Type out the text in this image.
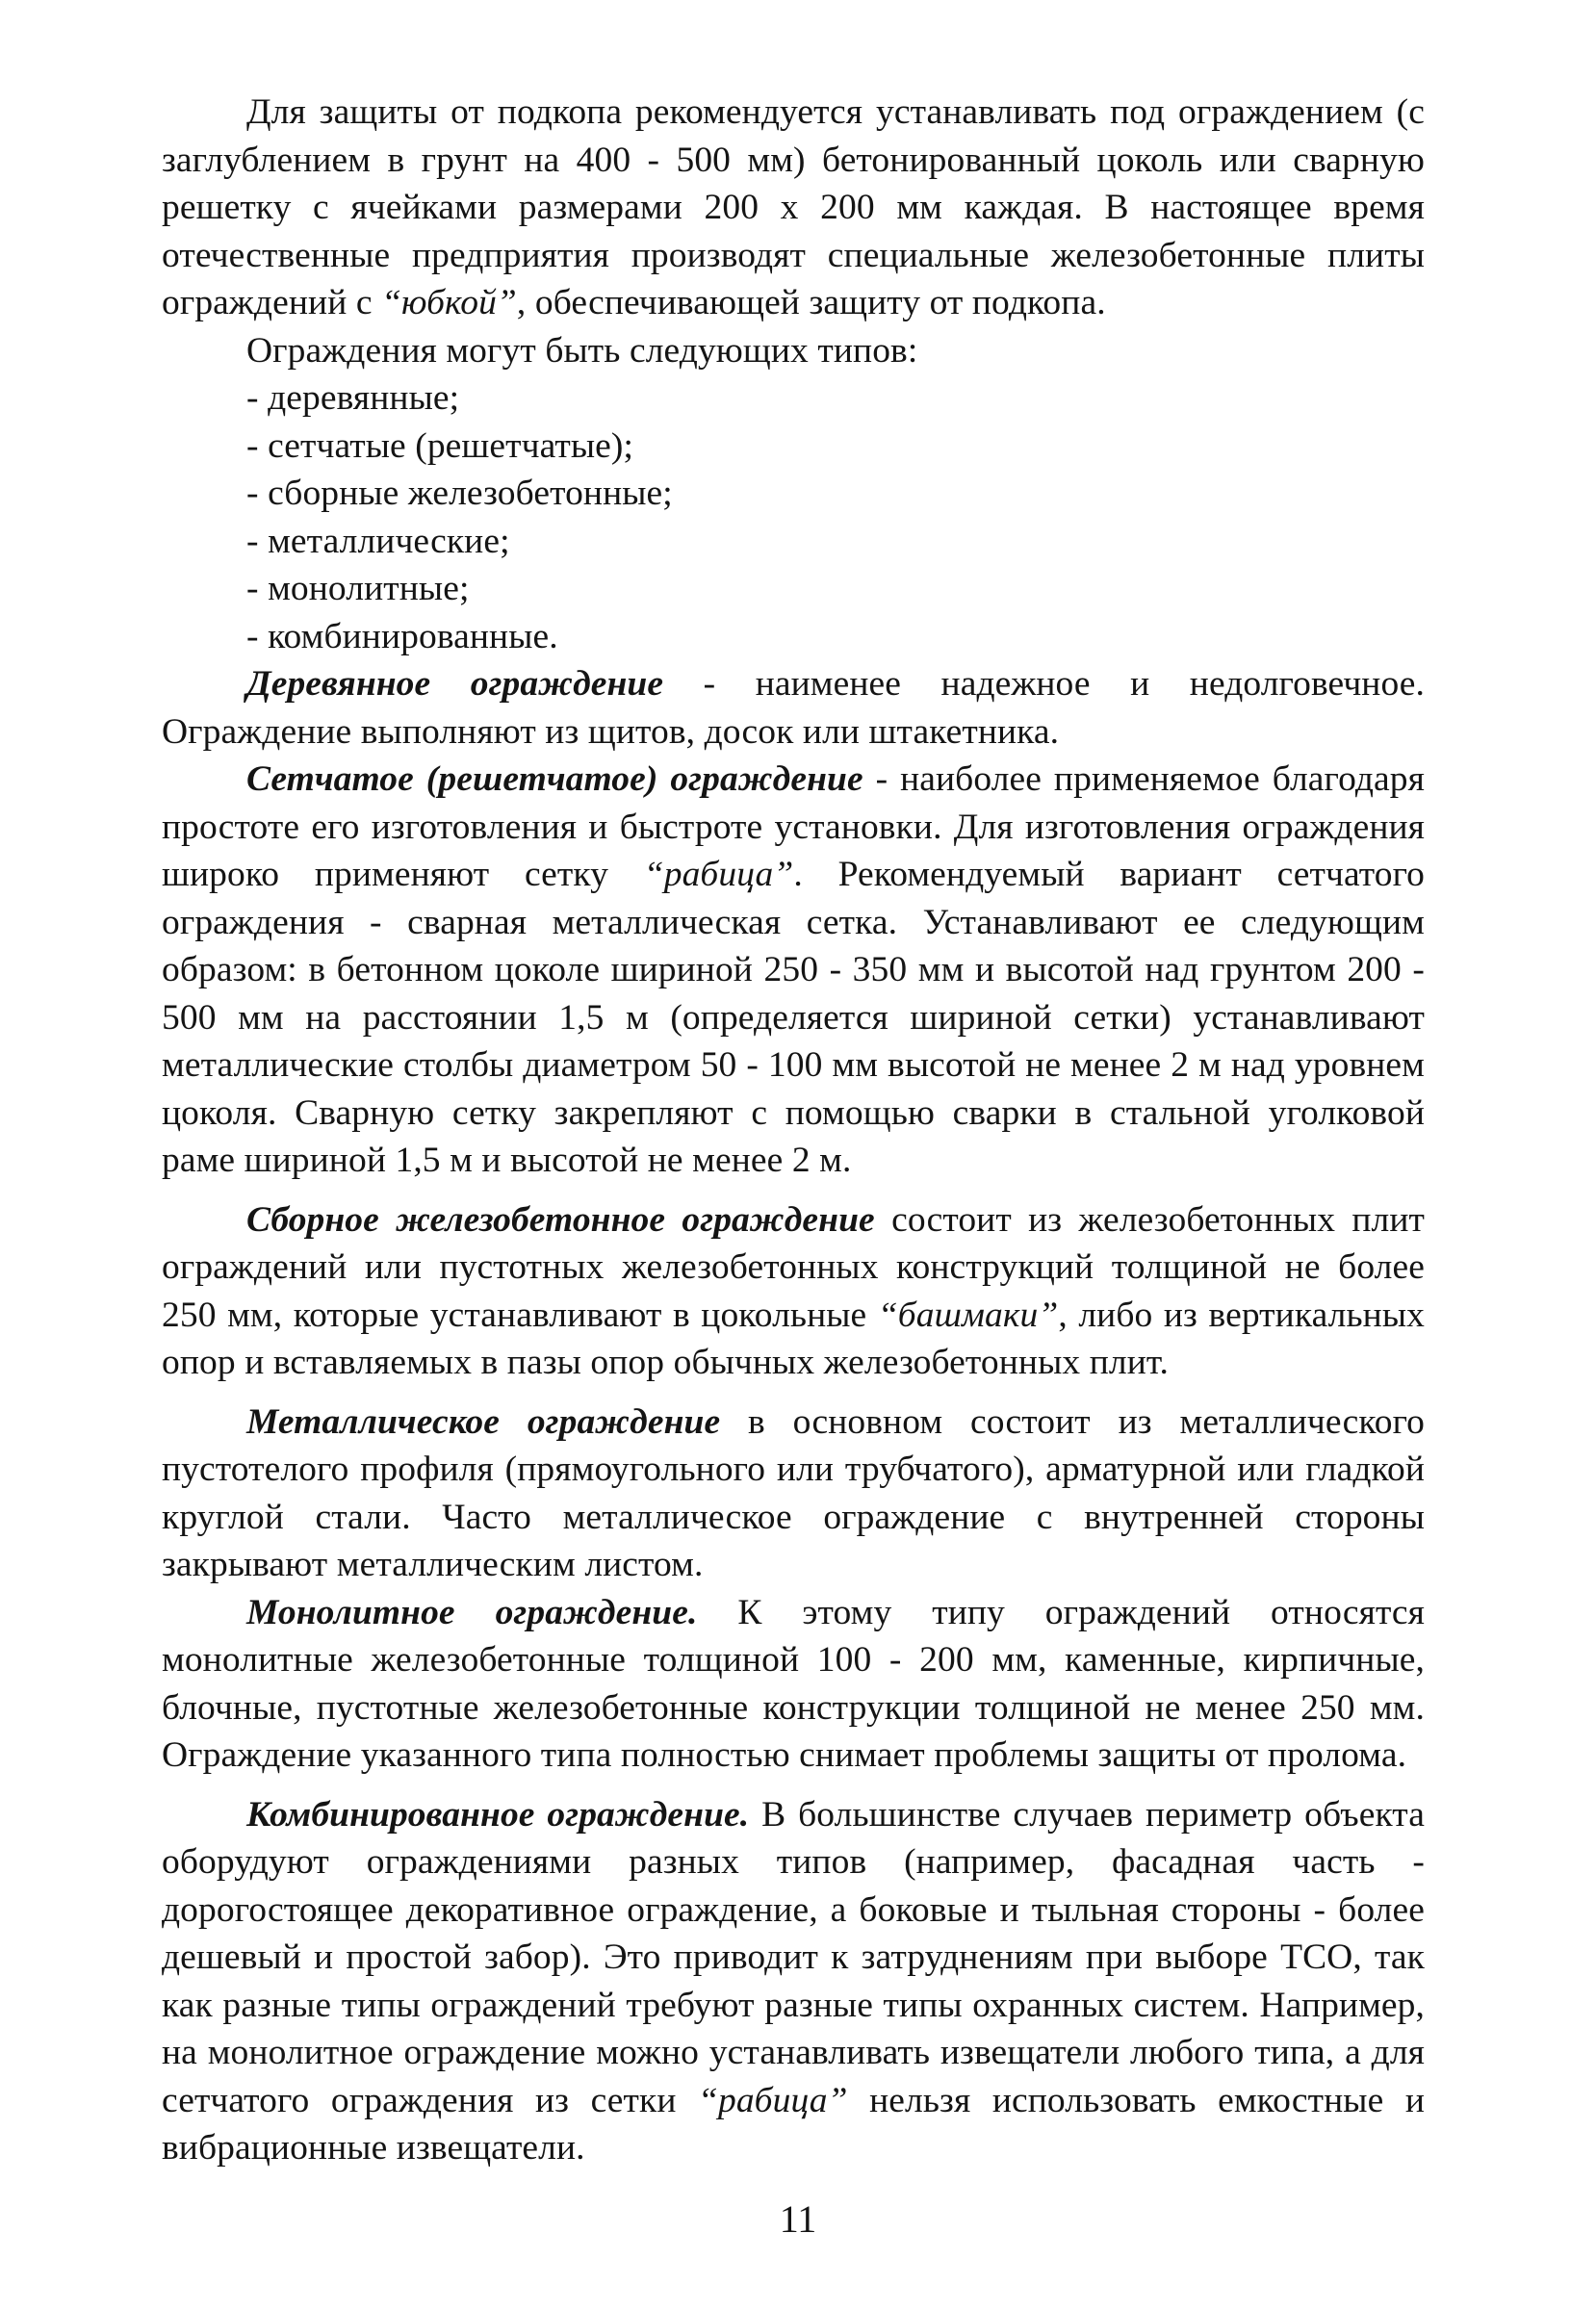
Для защиты от подкопа рекомендуется устанавливать под ограждением (с заглублением в грунт на 400 - 500 мм) бетонированный цоколь или сварную решетку с ячейками размерами 200 х 200 мм каждая. В настоящее время отечественные предприятия производят специальные железобетонные плиты ограждений с “юбкой”, обеспечивающей защиту от подкопа.

Ограждения могут быть следующих типов:

- деревянные;
- сетчатые (решетчатые);
- сборные железобетонные;
- металлические;
- монолитные;
- комбинированные.

Деревянное ограждение - наименее надежное и недолговечное. Ограждение выполняют из щитов, досок или штакетника.

Сетчатое (решетчатое) ограждение - наиболее применяемое благодаря простоте его изготовления и быстроте установки. Для изготовления ограждения широко применяют сетку “рабица”. Рекомендуемый вариант сетчатого ограждения - сварная металлическая сетка. Устанавливают ее следующим образом: в бетонном цоколе шириной 250 - 350 мм и высотой над грунтом 200 - 500 мм на расстоянии 1,5 м (определяется шириной сетки) устанавливают металлические столбы диаметром 50 - 100 мм высотой не менее 2 м над уровнем цоколя. Сварную сетку закрепляют с помощью сварки в стальной уголковой раме шириной 1,5 м и высотой не менее 2 м.

Сборное железобетонное ограждение состоит из железобетонных плит ограждений или пустотных железобетонных конструкций толщиной не более 250 мм, которые устанавливают в цокольные “башмаки”, либо из вертикальных опор и вставляемых в пазы опор обычных железобетонных плит.

Металлическое ограждение в основном состоит из металлического пустотелого профиля (прямоугольного или трубчатого), арматурной или гладкой круглой стали. Часто металлическое ограждение с внутренней стороны закрывают металлическим листом.

Монолитное ограждение. К этому типу ограждений относятся монолитные железобетонные толщиной 100 - 200 мм, каменные, кирпичные, блочные, пустотные железобетонные конструкции толщиной не менее 250 мм. Ограждение указанного типа полностью снимает проблемы защиты от пролома.

Комбинированное ограждение. В большинстве случаев периметр объекта оборудуют ограждениями разных типов (например, фасадная часть - дорогостоящее декоративное ограждение, а боковые и тыльная стороны - более дешевый и простой забор). Это приводит к затруднениям при выборе ТСО, так как разные типы ограждений требуют разные типы охранных систем. Например, на монолитное ограждение можно устанавливать извещатели любого типа, а для сетчатого ограждения из сетки “рабица” нельзя использовать емкостные и вибрационные извещатели.

11
